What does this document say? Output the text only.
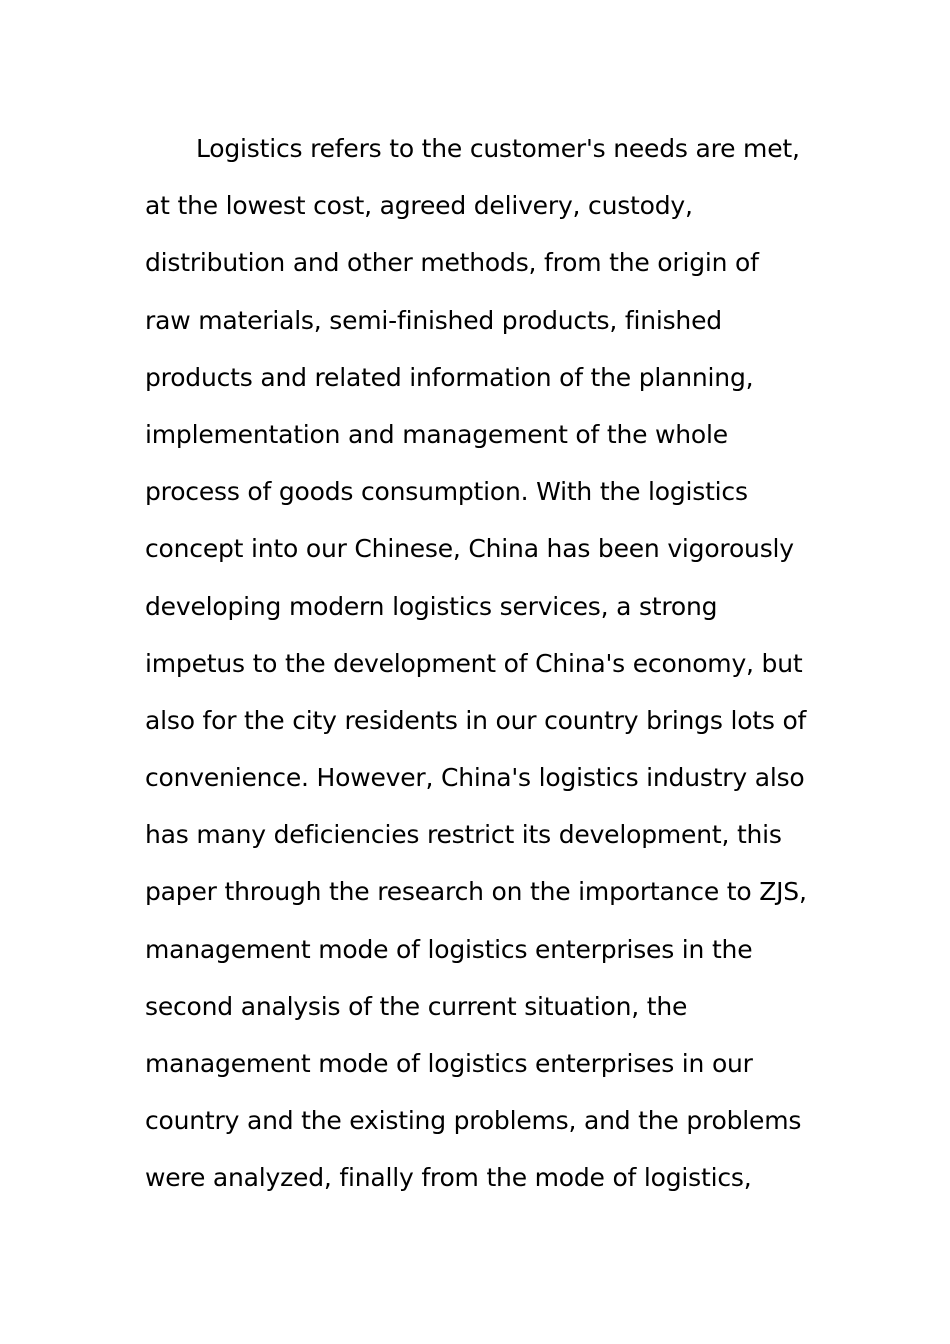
Logistics refers to the customer's needs are met,
at the lowest cost, agreed delivery, custody,
distribution and other methods, from the origin of
raw materials, semi-finished products, finished
products and related information of the planning,
implementation and management of the whole
process of goods consumption. With the logistics
concept into our Chinese, China has been vigorously
developing modern logistics services, a strong
impetus to the development of China's economy, but
also for the city residents in our country brings lots of
convenience. However, China's logistics industry also
has many deficiencies restrict its development, this
paper through the research on the importance to ZJS,
management mode of logistics enterprises in the
second analysis of the current situation, the
management mode of logistics enterprises in our
country and the existing problems, and the problems
were analyzed, finally from the mode of logistics,
